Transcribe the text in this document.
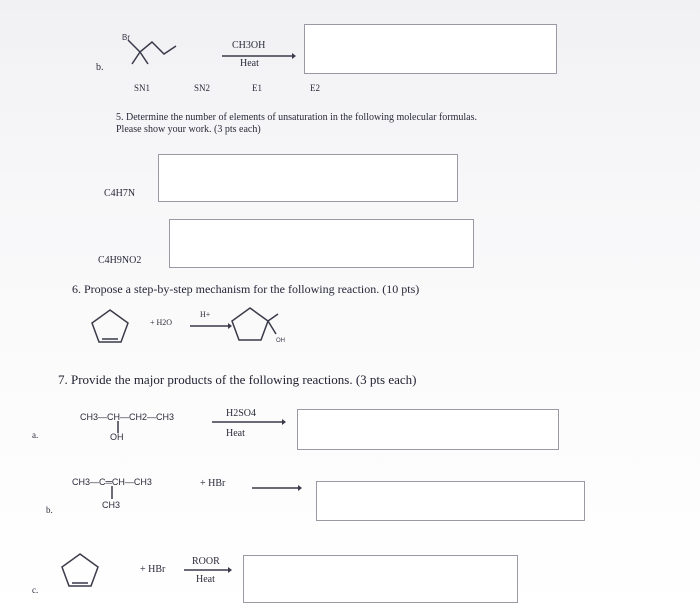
b.
Br
CH3OH
Heat
SN1	SN2	E1	E2
5. Determine the number of elements of unsaturation in the following molecular formulas.
Please show your work. (3 pts each)
C4H7N
C4H9NO2
6. Propose a step-by-step mechanism for the following reaction. (10 pts)
+ H2O
H+
OH
7. Provide the major products of the following reactions. (3 pts each)
a.
CH3—CH—CH2—CH3
OH
H2SO4
Heat
b.
CH3—C═CH—CH3
CH3
+ HBr
c.
+ HBr
ROOR
Heat
